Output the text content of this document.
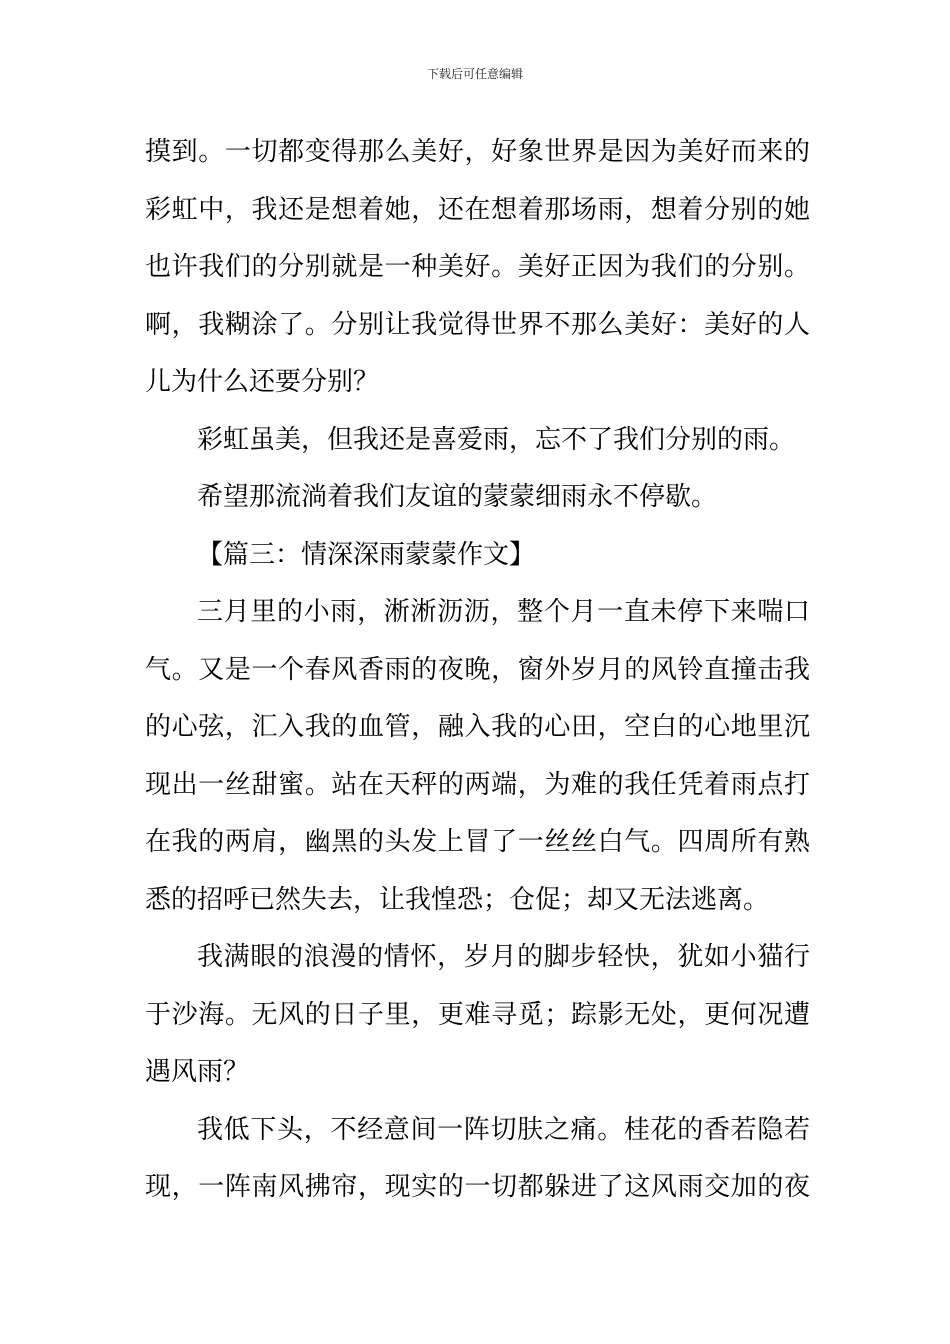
下载后可任意编辑
摸到。一切都变得那么美好，好象世界是因为美好而来的
彩虹中，我还是想着她，还在想着那场雨，想着分别的她
也许我们的分别就是一种美好。美好正因为我们的分别。
啊，我糊涂了。分别让我觉得世界不那么美好：美好的人
儿为什么还要分别？
彩虹虽美，但我还是喜爱雨，忘不了我们分别的雨。
希望那流淌着我们友谊的蒙蒙细雨永不停歇。
【篇三：情深深雨蒙蒙作文】
三月里的小雨，淅淅沥沥，整个月一直未停下来喘口
气。又是一个春风香雨的夜晚，窗外岁月的风铃直撞击我
的心弦，汇入我的血管，融入我的心田，空白的心地里沉
现出一丝甜蜜。站在天秤的两端，为难的我任凭着雨点打
在我的两肩，幽黑的头发上冒了一丝丝白气。四周所有熟
悉的招呼已然失去，让我惶恐；仓促；却又无法逃离。
我满眼的浪漫的情怀，岁月的脚步轻快，犹如小猫行
于沙海。无风的日子里，更难寻觅；踪影无处，更何况遭
遇风雨？
我低下头，不经意间一阵切肤之痛。桂花的香若隐若
现，一阵南风拂帘，现实的一切都躲进了这风雨交加的夜
